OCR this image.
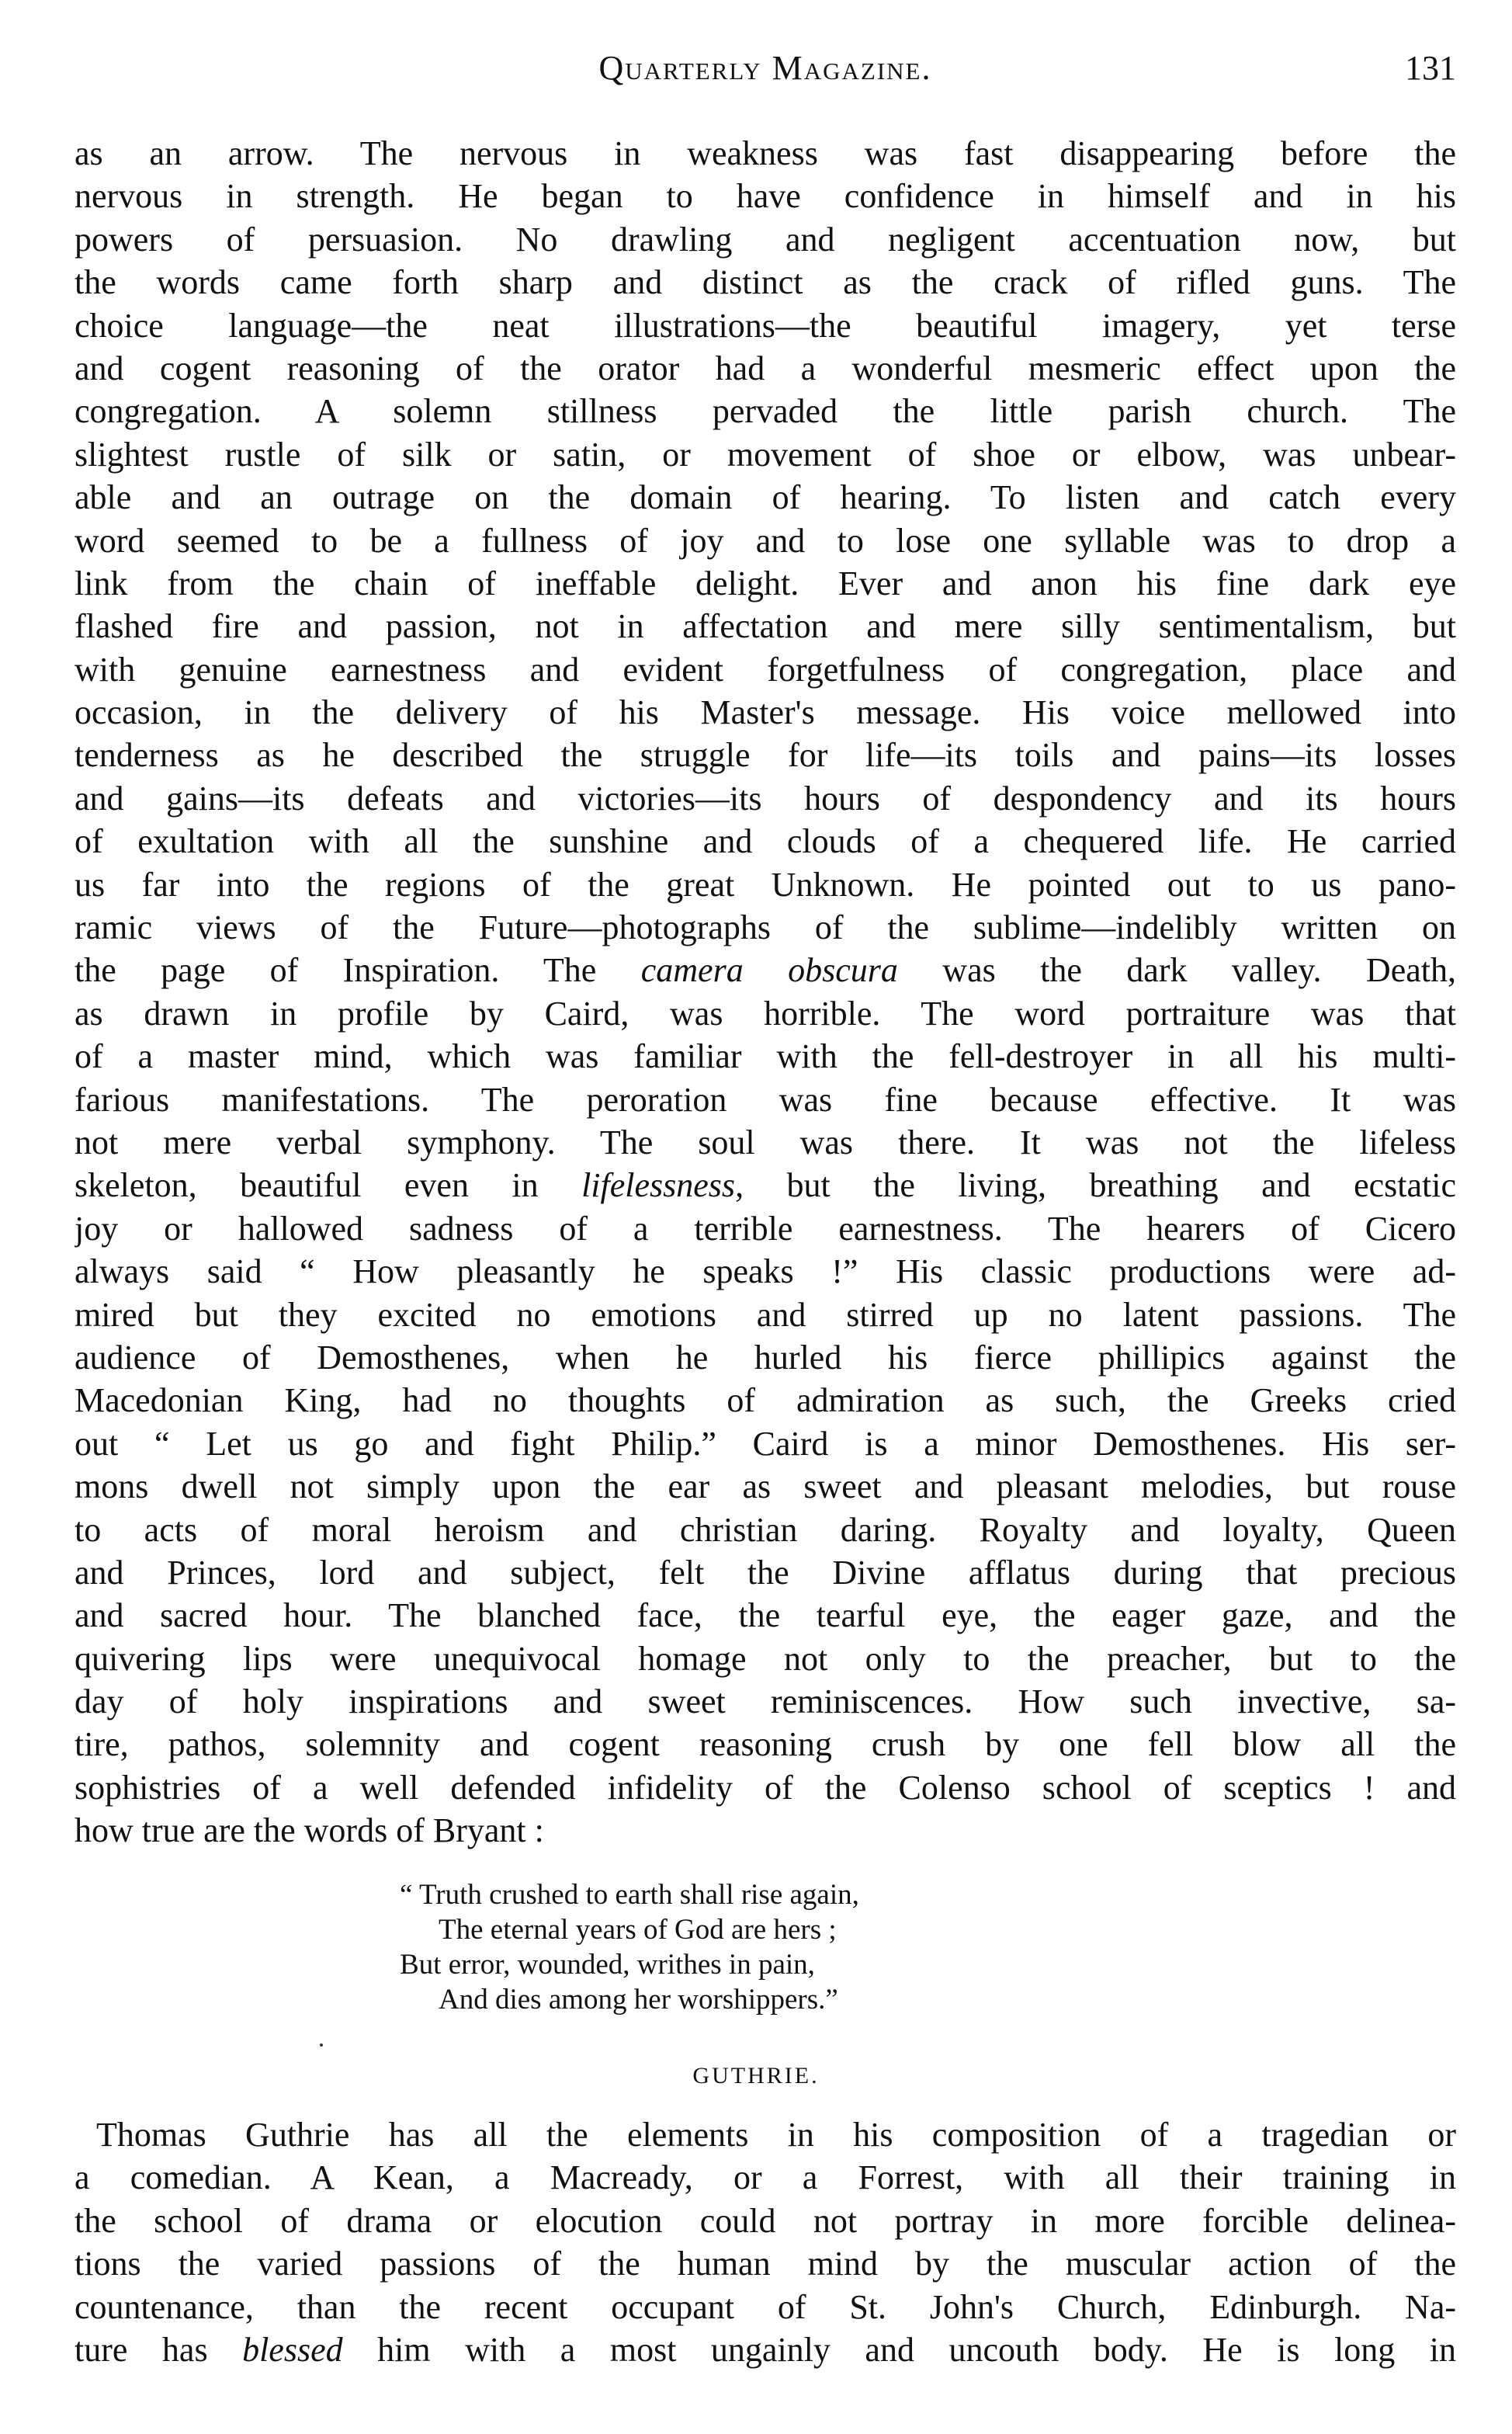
Quarterly Magazine.	131
as an arrow. The nervous in weakness was fast disappearing before the
nervous in strength. He began to have confidence in himself and in his
powers of persuasion. No drawling and negligent accentuation now, but
the words came forth sharp and distinct as the crack of rifled guns. The
choice language—the neat illustrations—the beautiful imagery, yet terse
and cogent reasoning of the orator had a wonderful mesmeric effect upon the
congregation. A solemn stillness pervaded the little parish church. The
slightest rustle of silk or satin, or movement of shoe or elbow, was unbear-
able and an outrage on the domain of hearing. To listen and catch every
word seemed to be a fullness of joy and to lose one syllable was to drop a
link from the chain of ineffable delight. Ever and anon his fine dark eye
flashed fire and passion, not in affectation and mere silly sentimentalism, but
with genuine earnestness and evident forgetfulness of congregation, place and
occasion, in the delivery of his Master's message. His voice mellowed into
tenderness as he described the struggle for life—its toils and pains—its losses
and gains—its defeats and victories—its hours of despondency and its hours
of exultation with all the sunshine and clouds of a chequered life. He carried
us far into the regions of the great Unknown. He pointed out to us pano-
ramic views of the Future—photographs of the sublime—indelibly written on
the page of Inspiration. The camera obscura was the dark valley. Death,
as drawn in profile by Caird, was horrible. The word portraiture was that
of a master mind, which was familiar with the fell-destroyer in all his multi-
farious manifestations. The peroration was fine because effective. It was
not mere verbal symphony. The soul was there. It was not the lifeless
skeleton, beautiful even in lifelessness, but the living, breathing and ecstatic
joy or hallowed sadness of a terrible earnestness. The hearers of Cicero
always said “ How pleasantly he speaks !” His classic productions were ad-
mired but they excited no emotions and stirred up no latent passions. The
audience of Demosthenes, when he hurled his fierce phillipics against the
Macedonian King, had no thoughts of admiration as such, the Greeks cried
out “ Let us go and fight Philip.” Caird is a minor Demosthenes. His ser-
mons dwell not simply upon the ear as sweet and pleasant melodies, but rouse
to acts of moral heroism and christian daring. Royalty and loyalty, Queen
and Princes, lord and subject, felt the Divine afflatus during that precious
and sacred hour. The blanched face, the tearful eye, the eager gaze, and the
quivering lips were unequivocal homage not only to the preacher, but to the
day of holy inspirations and sweet reminiscences. How such invective, sa-
tire, pathos, solemnity and cogent reasoning crush by one fell blow all the
sophistries of a well defended infidelity of the Colenso school of sceptics ! and
how true are the words of Bryant :
“ Truth crushed to earth shall rise again,
The eternal years of God are hers ;
But error, wounded, writhes in pain,
And dies among her worshippers.”
GUTHRIE.
Thomas Guthrie has all the elements in his composition of a tragedian or
a comedian. A Kean, a Macready, or a Forrest, with all their training in
the school of drama or elocution could not portray in more forcible delinea-
tions the varied passions of the human mind by the muscular action of the
countenance, than the recent occupant of St. John's Church, Edinburgh. Na-
ture has blessed him with a most ungainly and uncouth body. He is long in
